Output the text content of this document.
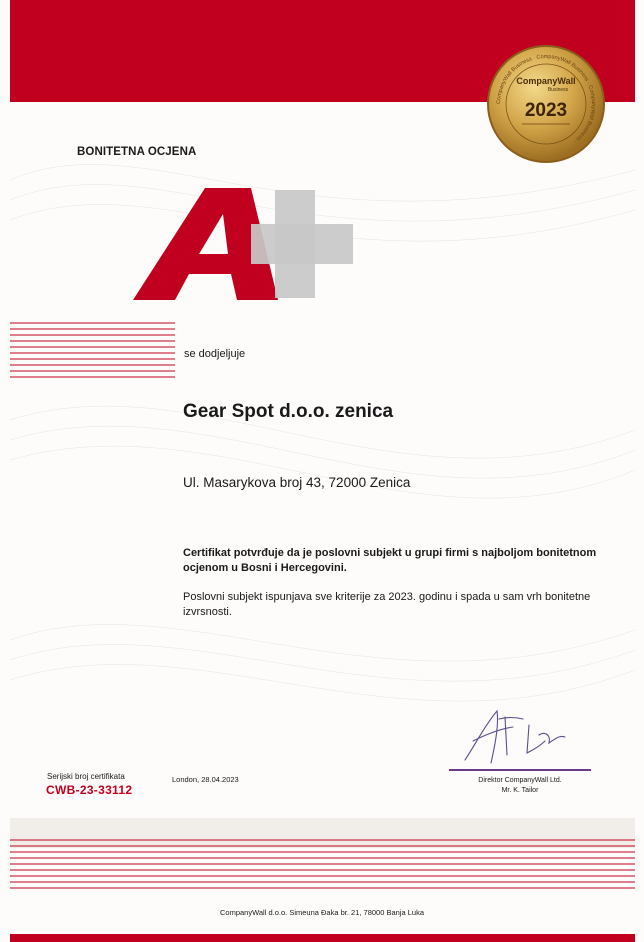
CompanyWall Business · CompanyWall Business · CompanyWall Business ·
CompanyWall
Business
2023
BONITETNA OCJENA
se dodjeljuje
Gear Spot d.o.o. zenica
Ul. Masarykova broj 43, 72000 Zenica
Certifikat potvrđuje da je poslovni subjekt u grupi firmi s najboljom bonitetnom ocjenom u Bosni i Hercegovini.
Poslovni subjekt ispunjava sve kriterije za 2023. godinu i spada u sam vrh bonitetne izvrsnosti.
Direktor CompanyWall Ltd.
Mr. K. Tailor
Serijski broj certifikata
CWB-23-33112
London, 28.04.2023
CompanyWall d.o.o. Simeuna Đaka br. 21, 78000 Banja Luka
